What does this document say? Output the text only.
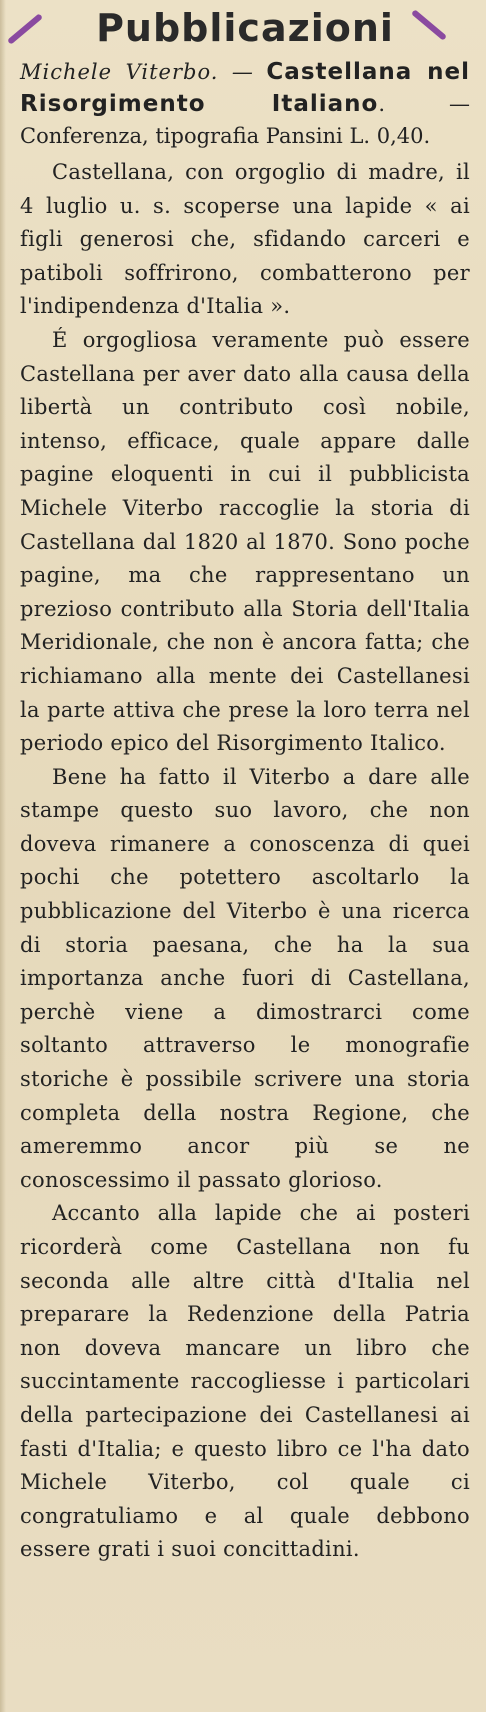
Pubblicazioni

Michele Viterbo. — Castellana nel Risorgimento Italiano. — Conferenza, tipografia Pansini L. 0,40.

Castellana, con orgoglio di madre, il 4 luglio u. s. scoperse una lapide « ai figli generosi che, sfidando carceri e patiboli soffrirono, combatterono per l'indipendenza d'Italia ».

É orgogliosa veramente può essere Castellana per aver dato alla causa della libertà un contributo così nobile, intenso, efficace, quale appare dalle pagine eloquenti in cui il pubblicista Michele Viterbo raccoglie la storia di Castellana dal 1820 al 1870. Sono poche pagine, ma che rappresentano un prezioso contributo alla Storia dell'Italia Meridionale, che non è ancora fatta; che richiamano alla mente dei Castellanesi la parte attiva che prese la loro terra nel periodo epico del Risorgimento Italico.

Bene ha fatto il Viterbo a dare alle stampe questo suo lavoro, che non doveva rimanere a conoscenza di quei pochi che potettero ascoltarlo la pubblicazione del Viterbo è una ricerca di storia paesana, che ha la sua importanza anche fuori di Castellana, perchè viene a dimostrarci come soltanto attraverso le monografie storiche è possibile scrivere una storia completa della nostra Regione, che ameremmo ancor più se ne conoscessimo il passato glorioso.

Accanto alla lapide che ai posteri ricorderà come Castellana non fu seconda alle altre città d'Italia nel preparare la Redenzione della Patria non doveva mancare un libro che succintamente raccogliesse i particolari della partecipazione dei Castellanesi ai fasti d'Italia; e questo libro ce l'ha dato Michele Viterbo, col quale ci congratuliamo e al quale debbono essere grati i suoi concittadini.
